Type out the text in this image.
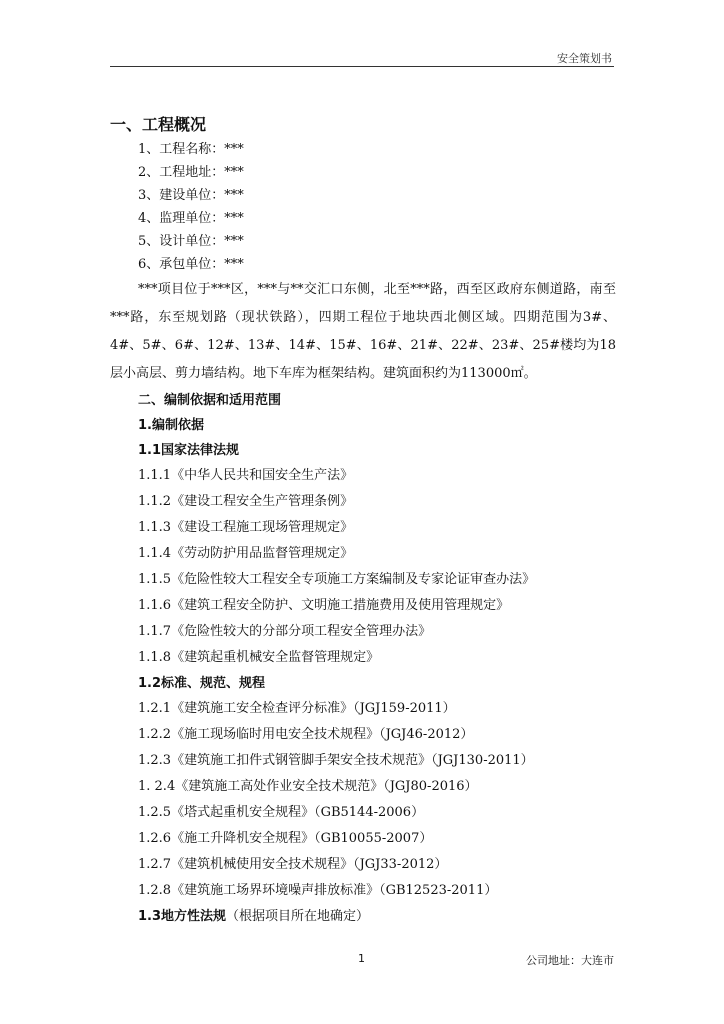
安全策划书
一、工程概况
1、工程名称：***
2、工程地址：***
3、建设单位：***
4、监理单位：***
5、设计单位：***
6、承包单位：***

***项目位于***区，***与**交汇口东侧，北至***路，西至区政府东侧道路，南至***路，东至规划路（现状铁路），四期工程位于地块西北侧区域。四期范围为3#、4#、5#、6#、12#、13#、14#、15#、16#、21#、22#、23#、25#楼均为18层小高层、剪力墙结构。地下车库为框架结构。建筑面积约为113000㎡。

二、编制依据和适用范围
1.编制依据
1.1国家法律法规
1.1.1《中华人民共和国安全生产法》
1.1.2《建设工程安全生产管理条例》
1.1.3《建设工程施工现场管理规定》
1.1.4《劳动防护用品监督管理规定》
1.1.5《危险性较大工程安全专项施工方案编制及专家论证审查办法》
1.1.6《建筑工程安全防护、文明施工措施费用及使用管理规定》
1.1.7《危险性较大的分部分项工程安全管理办法》
1.1.8《建筑起重机械安全监督管理规定》
1.2标准、规范、规程
1.2.1《建筑施工安全检查评分标准》（JGJ159-2011）
1.2.2《施工现场临时用电安全技术规程》（JGJ46-2012）
1.2.3《建筑施工扣件式钢管脚手架安全技术规范》（JGJ130-2011）
1. 2.4《建筑施工高处作业安全技术规范》（JGJ80-2016）
1.2.5《塔式起重机安全规程》（GB5144-2006）
1.2.6《施工升降机安全规程》（GB10055-2007）
1.2.7《建筑机械使用安全技术规程》（JGJ33-2012）
1.2.8《建筑施工场界环境噪声排放标准》（GB12523-2011）
1.3地方性法规（根据项目所在地确定）
1	公司地址：大连市
